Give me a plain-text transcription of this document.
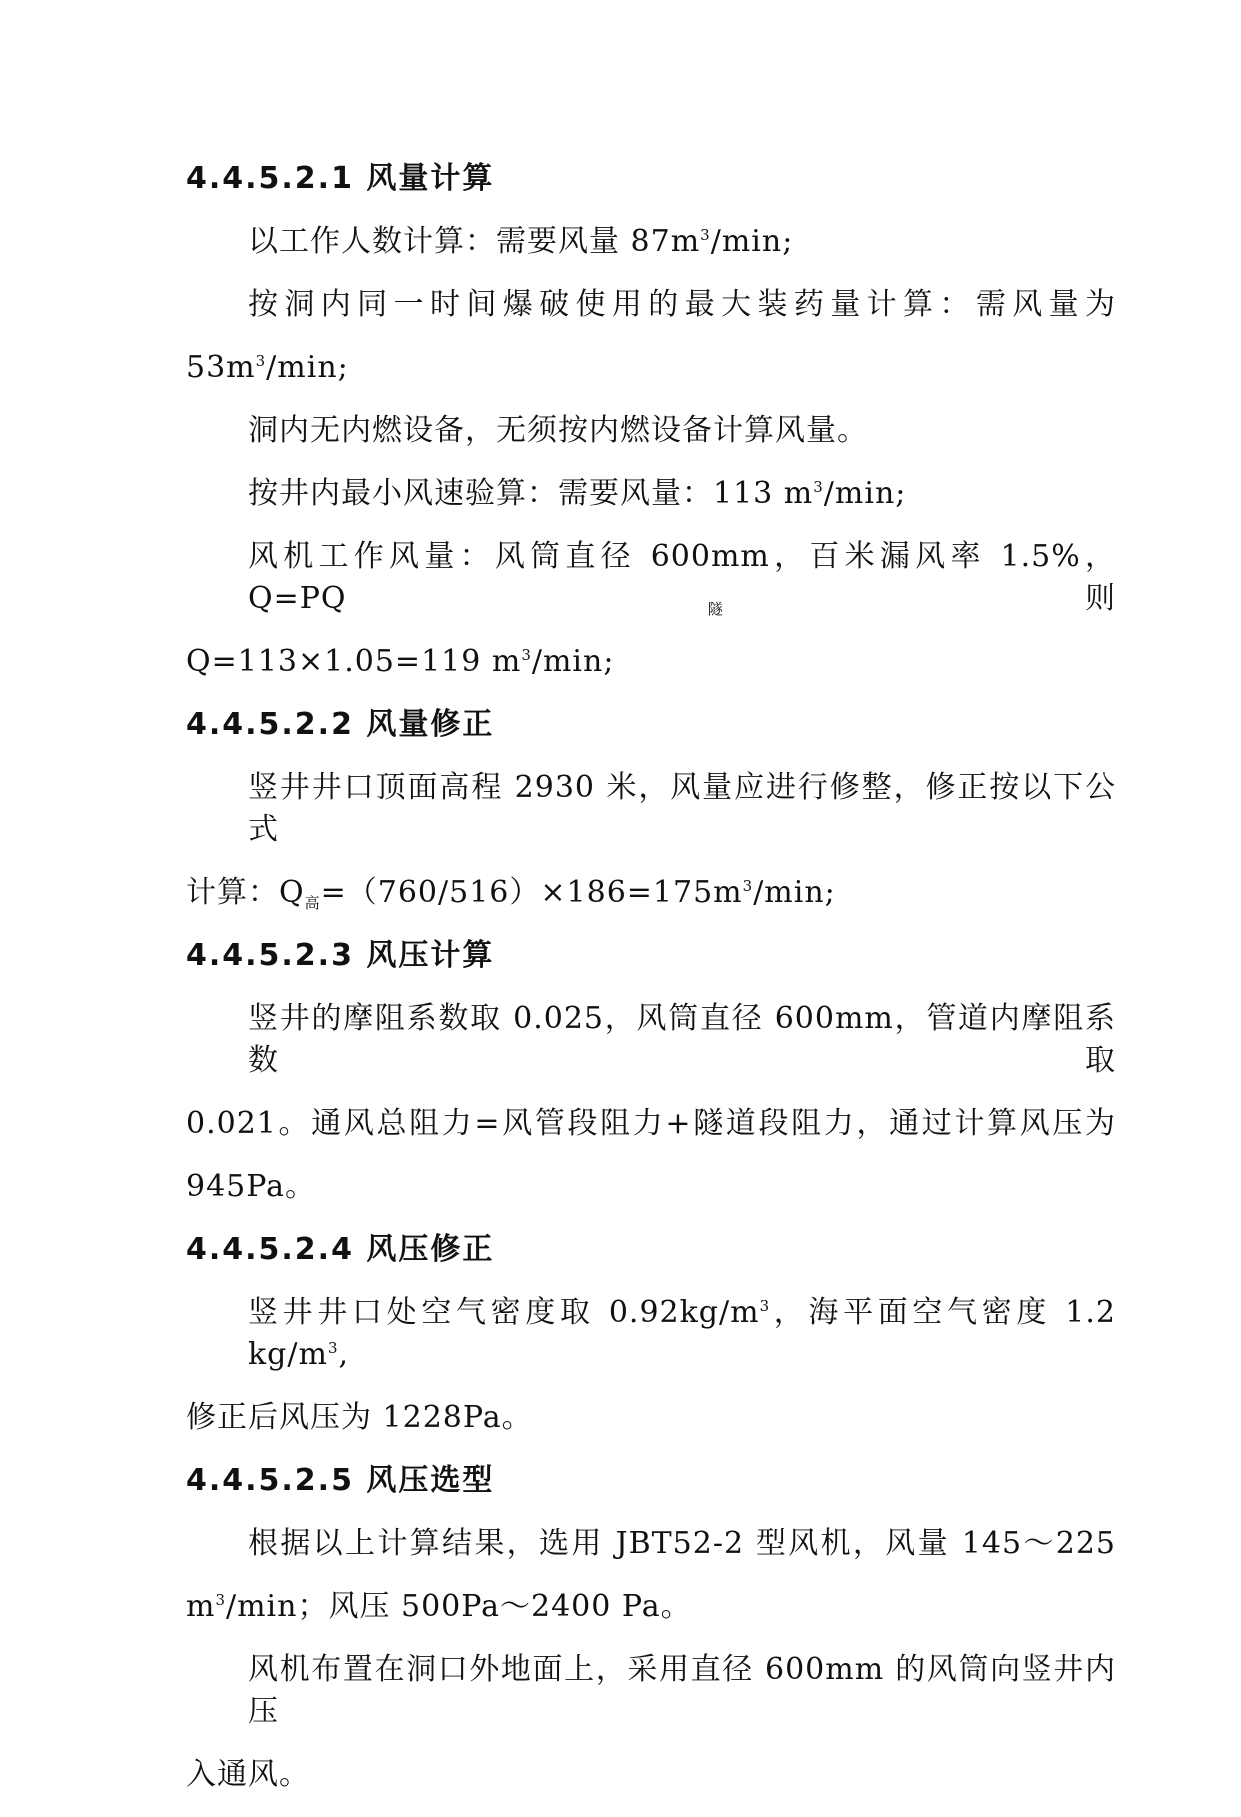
4.4.5.2.1 风量计算
以工作人数计算：需要风量 $87m^3/\min$;
按洞内同一时间爆破使用的最大装药量计算：需风量为
$53m^3/\min$;
洞内无内燃设备，无须按内燃设备计算风量。
按井内最小风速验算：需要风量：113 $m^3/\min$;
风机工作风量：风筒直径 600mm，百米漏风率 1.5%，$Q=PQ_隧$则
Q=113×1.05=119 $m^3/\min$;
4.4.5.2.2 风量修正
竖井井口顶面高程 2930 米，风量应进行修整，修正按以下公式
计算：$Q_高=(760/516)\times 186=175m^3/\min$;
4.4.5.2.3 风压计算
竖井的摩阻系数取 0.025，风筒直径 600mm，管道内摩阻系数取
0.021。通风总阻力=风管段阻力+隧道段阻力，通过计算风压为
945Pa。
4.4.5.2.4 风压修正
竖井井口处空气密度取 $0.92kg/m^3$，海平面空气密度 1.2 $kg/m^3$,
修正后风压为 1228Pa。
4.4.5.2.5 风压选型
根据以上计算结果，选用 JBT52-2 型风机，风量 145～225
$m^3/\min$；风压 500Pa～2400 Pa。
风机布置在洞口外地面上，采用直径 600mm 的风筒向竖井内压
入通风。
